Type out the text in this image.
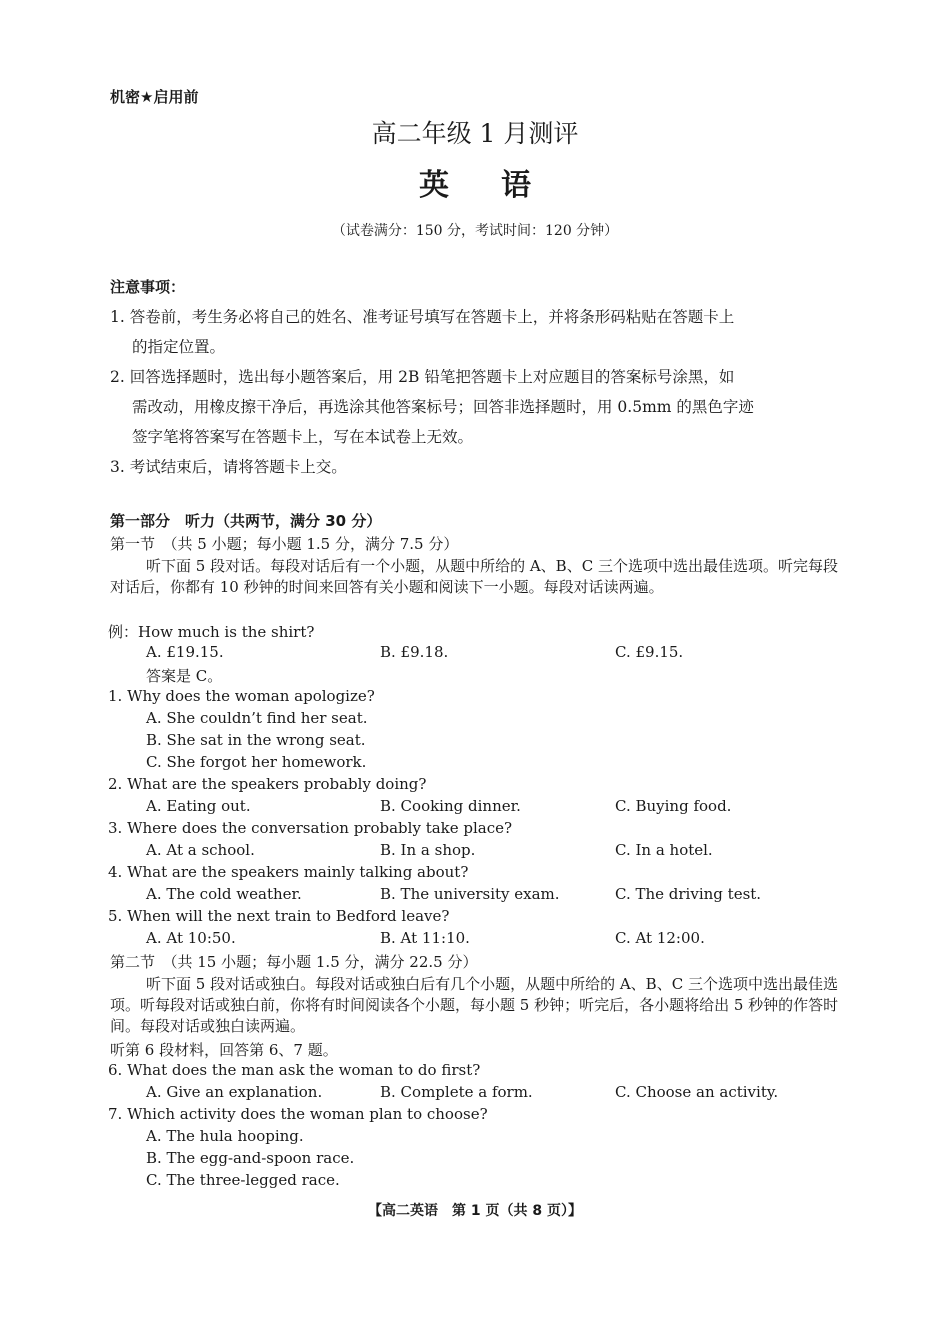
机密★启用前
高二年级 1 月测评
英语
（试卷满分：150 分，考试时间：120 分钟）
注意事项：
1. 答卷前，考生务必将自己的姓名、准考证号填写在答题卡上，并将条形码粘贴在答题卡上
的指定位置。
2. 回答选择题时，选出每小题答案后，用 2B 铅笔把答题卡上对应题目的答案标号涂黑，如
需改动，用橡皮擦干净后，再选涂其他答案标号；回答非选择题时，用 0.5mm 的黑色字迹
签字笔将答案写在答题卡上，写在本试卷上无效。
3. 考试结束后，请将答题卡上交。
第一部分　听力（共两节，满分 30 分）
第一节　（共 5 小题；每小题 1.5 分，满分 7.5 分）
听下面 5 段对话。每段对话后有一个小题，从题中所给的 A、B、C 三个选项中选出最佳选项。听完每段对话后，你都有 10 秒钟的时间来回答有关小题和阅读下一小题。每段对话读两遍。
例：How much is the shirt?
A. £19.15.	B. £9.18.	C. £9.15.
答案是 C。
1. Why does the woman apologize?
A. She couldn’t find her seat.
B. She sat in the wrong seat.
C. She forgot her homework.
2. What are the speakers probably doing?
A. Eating out.	B. Cooking dinner.	C. Buying food.
3. Where does the conversation probably take place?
A. At a school.	B. In a shop.	C. In a hotel.
4. What are the speakers mainly talking about?
A. The cold weather.	B. The university exam.	C. The driving test.
5. When will the next train to Bedford leave?
A. At 10:50.	B. At 11:10.	C. At 12:00.
第二节　（共 15 小题；每小题 1.5 分，满分 22.5 分）
听下面 5 段对话或独白。每段对话或独白后有几个小题，从题中所给的 A、B、C 三个选项中选出最佳选项。听每段对话或独白前，你将有时间阅读各个小题，每小题 5 秒钟；听完后，各小题将给出 5 秒钟的作答时间。每段对话或独白读两遍。
听第 6 段材料，回答第 6、7 题。
6. What does the man ask the woman to do first?
A. Give an explanation.	B. Complete a form.	C. Choose an activity.
7. Which activity does the woman plan to choose?
A. The hula hooping.
B. The egg-and-spoon race.
C. The three-legged race.
【高二英语　第 1 页（共 8 页）】
